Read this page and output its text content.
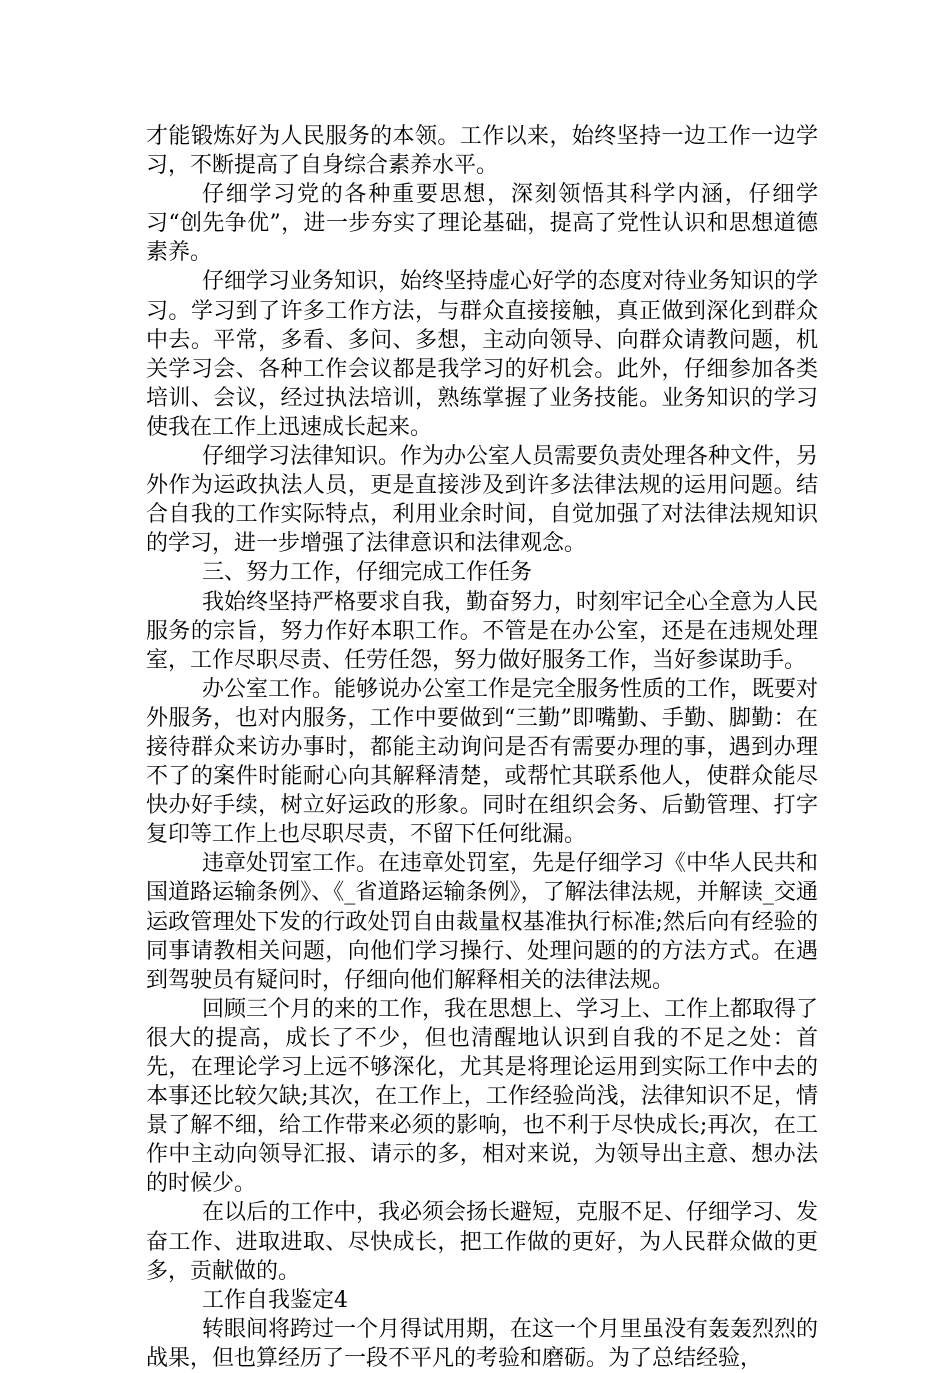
才能锻炼好为人民服务的本领。工作以来，始终坚持一边工作一边学习，不断提高了自身综合素养水平。

仔细学习党的各种重要思想，深刻领悟其科学内涵，仔细学习“创先争优”，进一步夯实了理论基础，提高了党性认识和思想道德素养。

仔细学习业务知识，始终坚持虚心好学的态度对待业务知识的学习。学习到了许多工作方法，与群众直接接触，真正做到深化到群众中去。平常，多看、多问、多想，主动向领导、向群众请教问题，机关学习会、各种工作会议都是我学习的好机会。此外，仔细参加各类培训、会议，经过执法培训，熟练掌握了业务技能。业务知识的学习使我在工作上迅速成长起来。

仔细学习法律知识。作为办公室人员需要负责处理各种文件，另外作为运政执法人员，更是直接涉及到许多法律法规的运用问题。结合自我的工作实际特点，利用业余时间，自觉加强了对法律法规知识的学习，进一步增强了法律意识和法律观念。

三、努力工作，仔细完成工作任务

我始终坚持严格要求自我，勤奋努力，时刻牢记全心全意为人民服务的宗旨，努力作好本职工作。不管是在办公室，还是在违规处理室，工作尽职尽责、任劳任怨，努力做好服务工作，当好参谋助手。

办公室工作。能够说办公室工作是完全服务性质的工作，既要对外服务，也对内服务，工作中要做到“三勤”即嘴勤、手勤、脚勤：在接待群众来访办事时，都能主动询问是否有需要办理的事，遇到办理不了的案件时能耐心向其解释清楚，或帮忙其联系他人，使群众能尽快办好手续，树立好运政的形象。同时在组织会务、后勤管理、打字复印等工作上也尽职尽责，不留下任何纰漏。

违章处罚室工作。在违章处罚室，先是仔细学习《中华人民共和国道路运输条例》、《_省道路运输条例》，了解法律法规，并解读_交通运政管理处下发的行政处罚自由裁量权基准执行标准;然后向有经验的同事请教相关问题，向他们学习操行、处理问题的的方法方式。在遇到驾驶员有疑问时，仔细向他们解释相关的法律法规。

回顾三个月的来的工作，我在思想上、学习上、工作上都取得了很大的提高，成长了不少，但也清醒地认识到自我的不足之处：首先，在理论学习上远不够深化，尤其是将理论运用到实际工作中去的本事还比较欠缺;其次，在工作上，工作经验尚浅，法律知识不足，情景了解不细，给工作带来必须的影响，也不利于尽快成长;再次，在工作中主动向领导汇报、请示的多，相对来说，为领导出主意、想办法的时候少。

在以后的工作中，我必须会扬长避短，克服不足、仔细学习、发奋工作、进取进取、尽快成长，把工作做的更好，为人民群众做的更多，贡献做的。

工作自我鉴定4

转眼间将跨过一个月得试用期，在这一个月里虽没有轰轰烈烈的战果，但也算经历了一段不平凡的考验和磨砺。为了总结经验，
